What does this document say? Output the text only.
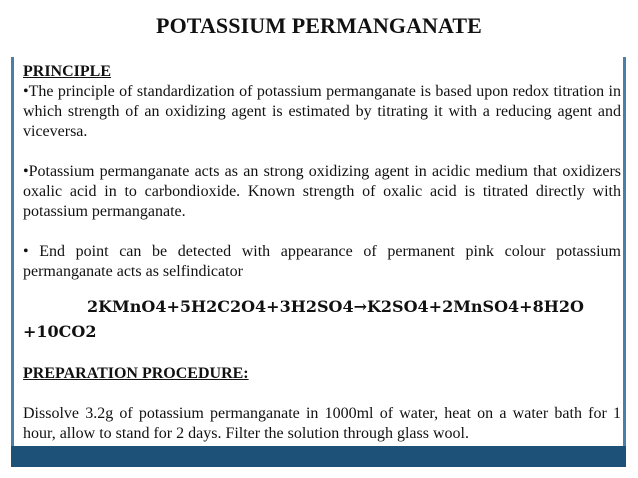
POTASSIUM PERMANGANATE
PRINCIPLE

•The principle of standardization of potassium permanganate is based upon redox titration in which strength of an oxidizing agent is estimated by titrating it with a reducing agent and viceversa.

•Potassium permanganate acts as an strong oxidizing agent in acidic medium that oxidizers oxalic acid in to carbondioxide. Known strength of oxalic acid is titrated directly with potassium permanganate.

• End point can be detected with appearance of permanent pink colour potassium permanganate acts as selfindicator

2KMnO4+5H2C2O4+3H2SO4→K2SO4+2MnSO4+8H2O
+10CO2
PREPARATION PROCEDURE:

Dissolve 3.2g of potassium permanganate in 1000ml of water, heat on a water bath for 1 hour, allow to stand for 2 days. Filter the solution through glass wool.
